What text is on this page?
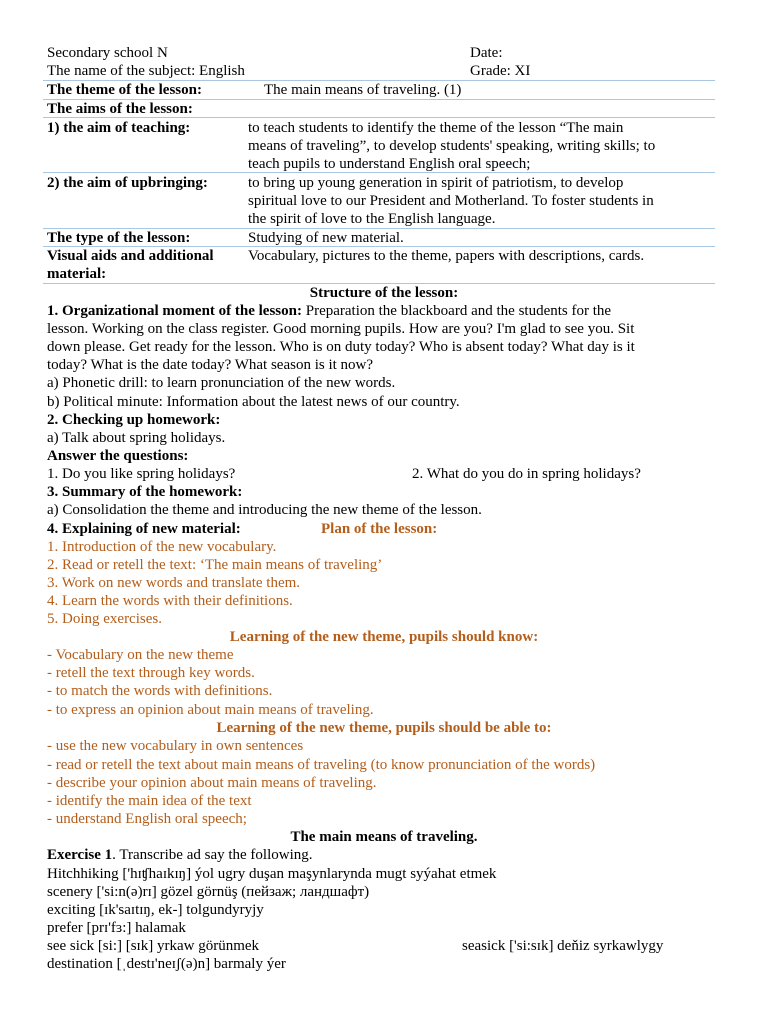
Secondary school N	Date:
The name of the subject: English	Grade: XI
The theme of the lesson:	The main means of traveling. (1)
The aims of the lesson:
1) the aim of teaching:	to teach students to identify the theme of the lesson “The main
means of traveling”, to develop students' speaking, writing skills; to
teach pupils to understand English oral speech;
2) the aim of upbringing:	to bring up young generation in spirit of patriotism, to develop
spiritual love to our President and Motherland. To foster students in
the spirit of love to the English language.
The type of the lesson:	Studying of new material.
Visual aids and additional
material:
Vocabulary, pictures to the theme, papers with descriptions, cards.
Structure of the lesson:
1. Organizational moment of the lesson: Preparation the blackboard and the students for the
lesson. Working on the class register. Good morning pupils. How are you? I'm glad to see you. Sit
down please. Get ready for the lesson. Who is on duty today? Who is absent today? What day is it
today? What is the date today? What season is it now?
a) Phonetic drill: to learn pronunciation of the new words.
b) Political minute: Information about the latest news of our country.
2. Checking up homework:
a) Talk about spring holidays.
Answer the questions:
1. Do you like spring holidays?	2. What do you do in spring holidays?
3. Summary of the homework:
a) Consolidation the theme and introducing the new theme of the lesson.
4. Explaining of new material:	Plan of the lesson:
1. Introduction of the new vocabulary.
2. Read or retell the text: ‘The main means of traveling’
3. Work on new words and translate them.
4. Learn the words with their definitions.
5. Doing exercises.
Learning of the new theme, pupils should know:
- Vocabulary on the new theme
- retell the text through key words.
- to match the words with definitions.
- to express an opinion about main means of traveling.
Learning of the new theme, pupils should be able to:
- use the new vocabulary in own sentences
- read or retell the text about main means of traveling (to know pronunciation of the words)
- describe your opinion about main means of traveling.
- identify the main idea of the text
- understand English oral speech;
The main means of traveling.
Exercise 1. Transcribe ad say the following.
Hitchhiking ['hɪʧhaɪkɪŋ] ýol ugry duşan maşynlarynda mugt syýahat etmek
scenery ['si:n(ə)rɪ] gözel görnüş (пейзаж; ландшафт)
exciting [ɪk'saɪtɪŋ, ek-] tolgundyryjy
prefer [prɪ'fɜ:] halamak
see sick [si:] [sɪk] yrkaw görünmek	seasick ['si:sɪk] deňiz syrkawlygy
destination [ˌdestɪ'neɪʃ(ə)n] barmaly ýer
